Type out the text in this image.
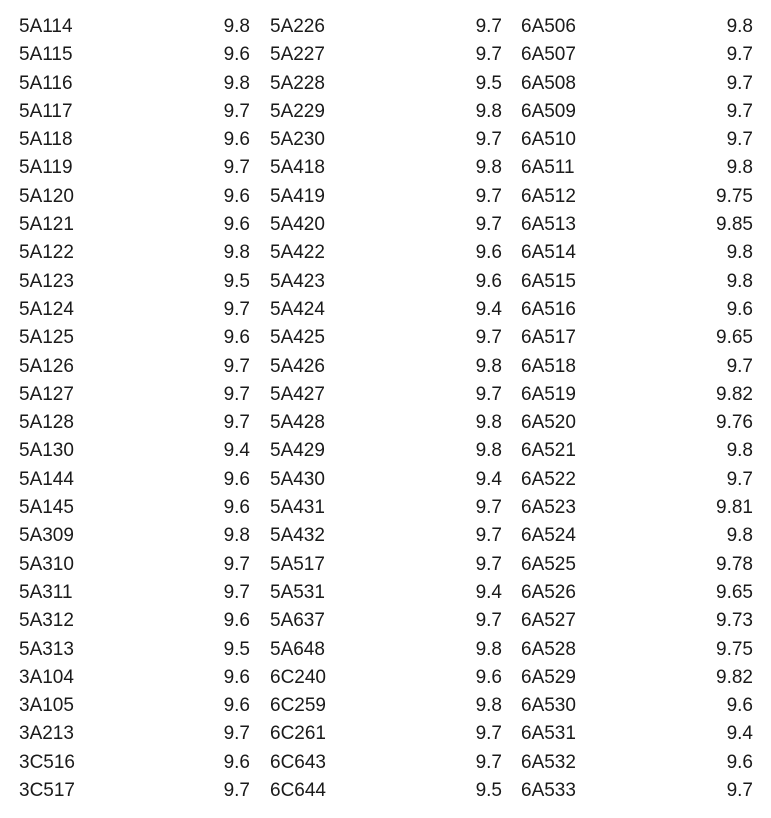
5A114	9.8
5A115	9.6
5A116	9.8
5A117	9.7
5A118	9.6
5A119	9.7
5A120	9.6
5A121	9.6
5A122	9.8
5A123	9.5
5A124	9.7
5A125	9.6
5A126	9.7
5A127	9.7
5A128	9.7
5A130	9.4
5A144	9.6
5A145	9.6
5A309	9.8
5A310	9.7
5A311	9.7
5A312	9.6
5A313	9.5
3A104	9.6
3A105	9.6
3A213	9.7
3C516	9.6
3C517	9.7
5A226	9.7
5A227	9.7
5A228	9.5
5A229	9.8
5A230	9.7
5A418	9.8
5A419	9.7
5A420	9.7
5A422	9.6
5A423	9.6
5A424	9.4
5A425	9.7
5A426	9.8
5A427	9.7
5A428	9.8
5A429	9.8
5A430	9.4
5A431	9.7
5A432	9.7
5A517	9.7
5A531	9.4
5A637	9.7
5A648	9.8
6C240	9.6
6C259	9.8
6C261	9.7
6C643	9.7
6C644	9.5
6A506	9.8
6A507	9.7
6A508	9.7
6A509	9.7
6A510	9.7
6A511	9.8
6A512	9.75
6A513	9.85
6A514	9.8
6A515	9.8
6A516	9.6
6A517	9.65
6A518	9.7
6A519	9.82
6A520	9.76
6A521	9.8
6A522	9.7
6A523	9.81
6A524	9.8
6A525	9.78
6A526	9.65
6A527	9.73
6A528	9.75
6A529	9.82
6A530	9.6
6A531	9.4
6A532	9.6
6A533	9.7
